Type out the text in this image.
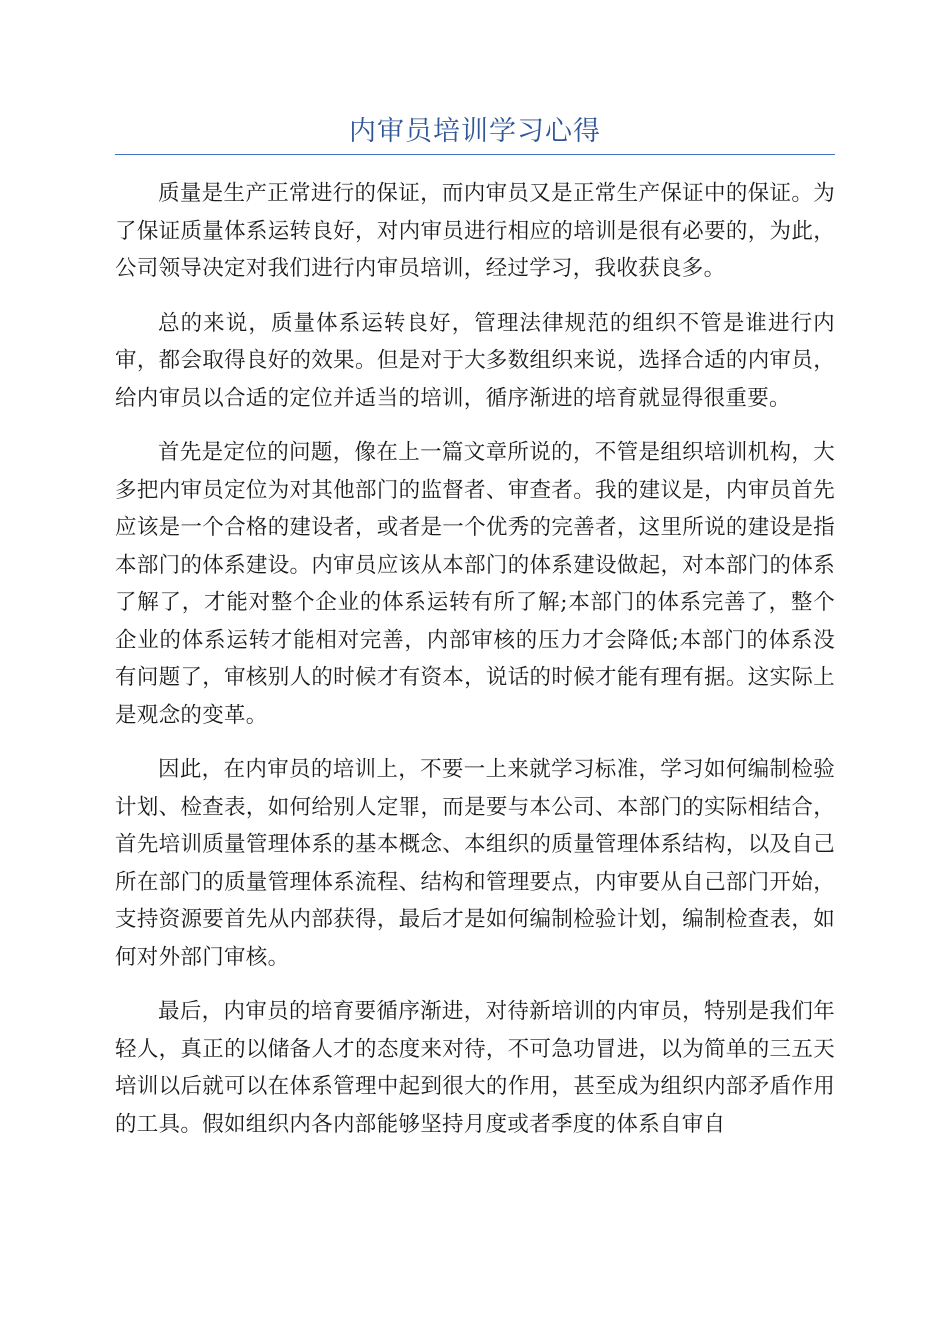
内审员培训学习心得

质量是生产正常进行的保证，而内审员又是正常生产保证中的保证。为了保证质量体系运转良好，对内审员进行相应的培训是很有必要的，为此，公司领导决定对我们进行内审员培训，经过学习，我收获良多。

总的来说，质量体系运转良好，管理法律规范的组织不管是谁进行内审，都会取得良好的效果。但是对于大多数组织来说，选择合适的内审员，给内审员以合适的定位并适当的培训，循序渐进的培育就显得很重要。

首先是定位的问题，像在上一篇文章所说的，不管是组织培训机构，大多把内审员定位为对其他部门的监督者、审查者。我的建议是，内审员首先应该是一个合格的建设者，或者是一个优秀的完善者，这里所说的建设是指本部门的体系建设。内审员应该从本部门的体系建设做起，对本部门的体系了解了，才能对整个企业的体系运转有所了解;本部门的体系完善了，整个企业的体系运转才能相对完善，内部审核的压力才会降低;本部门的体系没有问题了，审核别人的时候才有资本，说话的时候才能有理有据。这实际上是观念的变革。

因此，在内审员的培训上，不要一上来就学习标准，学习如何编制检验计划、检查表，如何给别人定罪，而是要与本公司、本部门的实际相结合，首先培训质量管理体系的基本概念、本组织的质量管理体系结构，以及自己所在部门的质量管理体系流程、结构和管理要点，内审要从自己部门开始，支持资源要首先从内部获得，最后才是如何编制检验计划，编制检查表，如何对外部门审核。

最后，内审员的培育要循序渐进，对待新培训的内审员，特别是我们年轻人，真正的以储备人才的态度来对待，不可急功冒进，以为简单的三五天培训以后就可以在体系管理中起到很大的作用，甚至成为组织内部矛盾作用的工具。假如组织内各内部能够坚持月度或者季度的体系自审自
